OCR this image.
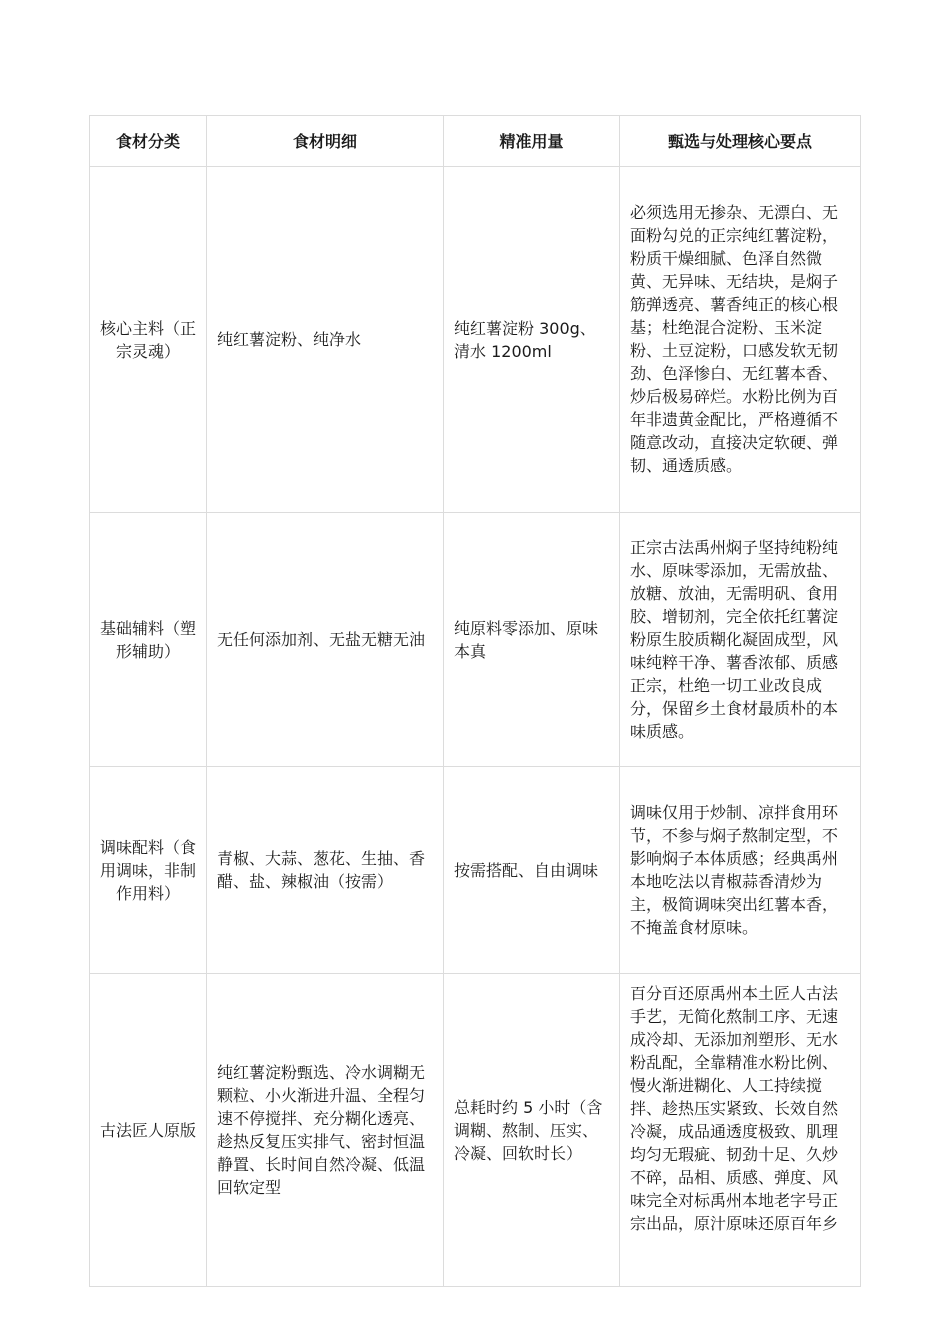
食材分类	食材明细	精准用量	甄选与处理核心要点
核心主料（正宗灵魂）	纯红薯淀粉、纯净水	纯红薯淀粉 300g、清水 1200ml	必须选用无掺杂、无漂白、无面粉勾兑的正宗纯红薯淀粉，粉质干燥细腻、色泽自然微黄、无异味、无结块，是焖子筋弹透亮、薯香纯正的核心根基；杜绝混合淀粉、玉米淀粉、土豆淀粉，口感发软无韧劲、色泽惨白、无红薯本香、炒后极易碎烂。水粉比例为百年非遗黄金配比，严格遵循不随意改动，直接决定软硬、弹韧、通透质感。
基础辅料（塑形辅助）	无任何添加剂、无盐无糖无油	纯原料零添加、原味本真	正宗古法禹州焖子坚持纯粉纯水、原味零添加，无需放盐、放糖、放油，无需明矾、食用胶、增韧剂，完全依托红薯淀粉原生胶质糊化凝固成型，风味纯粹干净、薯香浓郁、质感正宗，杜绝一切工业改良成分，保留乡土食材最质朴的本味质感。
调味配料（食用调味，非制作用料）	青椒、大蒜、葱花、生抽、香醋、盐、辣椒油（按需）	按需搭配、自由调味	调味仅用于炒制、凉拌食用环节，不参与焖子熬制定型，不影响焖子本体质感；经典禹州本地吃法以青椒蒜香清炒为主，极简调味突出红薯本香，不掩盖食材原味。
古法匠人原版	纯红薯淀粉甄选、冷水调糊无颗粒、小火渐进升温、全程匀速不停搅拌、充分糊化透亮、趁热反复压实排气、密封恒温静置、长时间自然冷凝、低温回软定型	总耗时约 5 小时（含调糊、熬制、压实、冷凝、回软时长）	百分百还原禹州本土匠人古法手艺，无简化熬制工序、无速成冷却、无添加剂塑形、无水粉乱配，全靠精准水粉比例、慢火渐进糊化、人工持续搅拌、趁热压实紧致、长效自然冷凝，成品通透度极致、肌理均匀无瑕疵、韧劲十足、久炒不碎，品相、质感、弹度、风味完全对标禹州本地老字号正宗出品，原汁原味还原百年乡
